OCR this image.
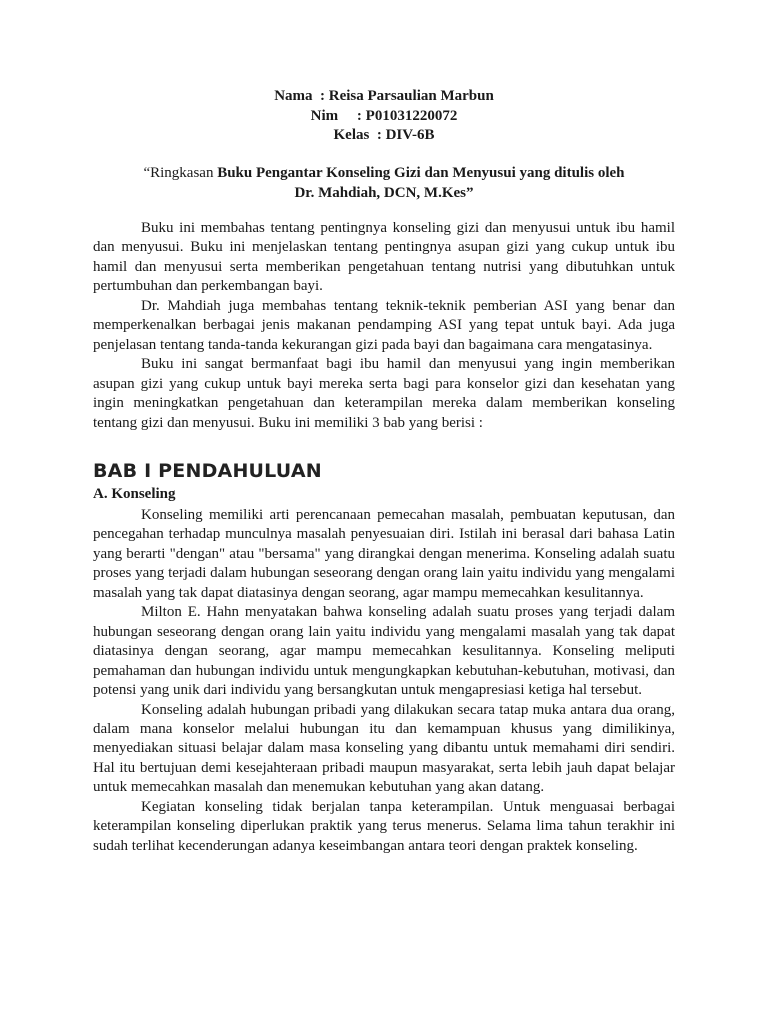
Nama : Reisa Parsaulian Marbun
Nim : P01031220072
Kelas : DIV-6B
“Ringkasan Buku Pengantar Konseling Gizi dan Menyusui yang ditulis oleh
Dr. Mahdiah, DCN, M.Kes”

Buku ini membahas tentang pentingnya konseling gizi dan menyusui untuk ibu hamil dan menyusui. Buku ini menjelaskan tentang pentingnya asupan gizi yang cukup untuk ibu hamil dan menyusui serta memberikan pengetahuan tentang nutrisi yang dibutuhkan untuk pertumbuhan dan perkembangan bayi.

Dr. Mahdiah juga membahas tentang teknik-teknik pemberian ASI yang benar dan memperkenalkan berbagai jenis makanan pendamping ASI yang tepat untuk bayi. Ada juga penjelasan tentang tanda-tanda kekurangan gizi pada bayi dan bagaimana cara mengatasinya.

Buku ini sangat bermanfaat bagi ibu hamil dan menyusui yang ingin memberikan asupan gizi yang cukup untuk bayi mereka serta bagi para konselor gizi dan kesehatan yang ingin meningkatkan pengetahuan dan keterampilan mereka dalam memberikan konseling tentang gizi dan menyusui. Buku ini memiliki 3 bab yang berisi :

BAB I PENDAHULUAN
A. Konseling

Konseling memiliki arti perencanaan pemecahan masalah, pembuatan keputusan, dan pencegahan terhadap munculnya masalah penyesuaian diri. Istilah ini berasal dari bahasa Latin yang berarti "dengan" atau "bersama" yang dirangkai dengan menerima. Konseling adalah suatu proses yang terjadi dalam hubungan seseorang dengan orang lain yaitu individu yang mengalami masalah yang tak dapat diatasinya dengan seorang, agar mampu memecahkan kesulitannya.

Milton E. Hahn menyatakan bahwa konseling adalah suatu proses yang terjadi dalam hubungan seseorang dengan orang lain yaitu individu yang mengalami masalah yang tak dapat diatasinya dengan seorang, agar mampu memecahkan kesulitannya. Konseling meliputi pemahaman dan hubungan individu untuk mengungkapkan kebutuhan-kebutuhan, motivasi, dan potensi yang unik dari individu yang bersangkutan untuk mengapresiasi ketiga hal tersebut.

Konseling adalah hubungan pribadi yang dilakukan secara tatap muka antara dua orang, dalam mana konselor melalui hubungan itu dan kemampuan khusus yang dimilikinya, menyediakan situasi belajar dalam masa konseling yang dibantu untuk memahami diri sendiri. Hal itu bertujuan demi kesejahteraan pribadi maupun masyarakat, serta lebih jauh dapat belajar untuk memecahkan masalah dan menemukan kebutuhan yang akan datang.

Kegiatan konseling tidak berjalan tanpa keterampilan. Untuk menguasai berbagai keterampilan konseling diperlukan praktik yang terus menerus. Selama lima tahun terakhir ini sudah terlihat kecenderungan adanya keseimbangan antara teori dengan praktek konseling.
